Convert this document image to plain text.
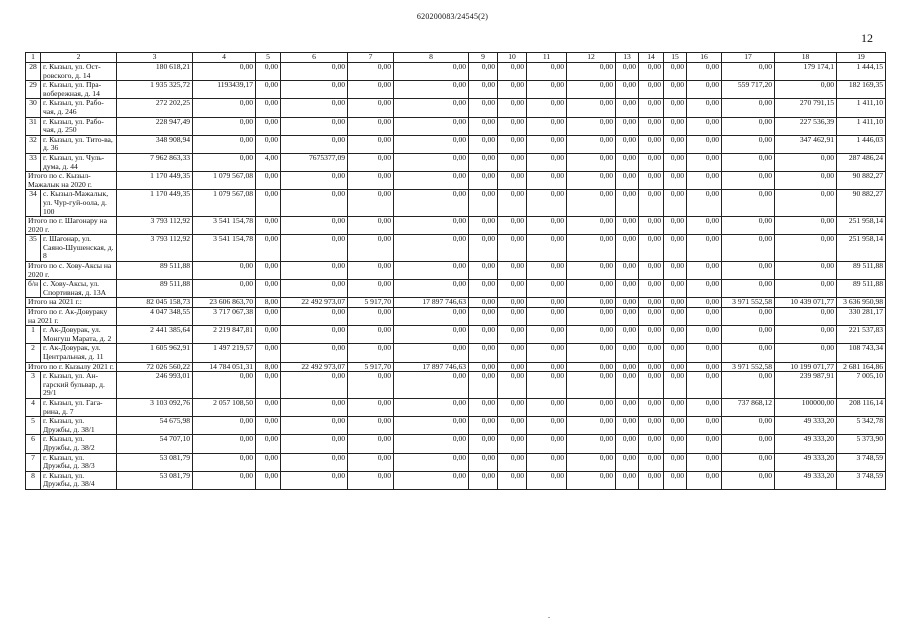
620200083/24545(2)
12
1	2	3	4	5	6	7	8	9	10	11	12	13	14	15	16	17	18	19
28	г. Кызыл, ул. Ост-ровского, д. 14	180 618,21	0,00	0,00	0,00	0,00	0,00	0,00	0,00	0,00	0,00	0,00	0,00	0,00	0,00	0,00	179 174,1	1 444,15
29	г. Кызыл, ул. Пра-вобережная, д. 14	1 935 325,72	1193439,17	0,00	0,00	0,00	0,00	0,00	0,00	0,00	0,00	0,00	0,00	0,00	0,00	559 717,20	0,00	182 169,35
30	г. Кызыл, ул. Рабо-чая, д. 246	272 202,25	0,00	0,00	0,00	0,00	0,00	0,00	0,00	0,00	0,00	0,00	0,00	0,00	0,00	0,00	270 791,15	1 411,10
31	г. Кызыл, ул. Рабо-чая, д. 250	228 947,49	0,00	0,00	0,00	0,00	0,00	0,00	0,00	0,00	0,00	0,00	0,00	0,00	0,00	0,00	227 536,39	1 411,10
32	г. Кызыл, ул. Тито-ва, д. 36	348 908,94	0,00	0,00	0,00	0,00	0,00	0,00	0,00	0,00	0,00	0,00	0,00	0,00	0,00	0,00	347 462,91	1 446,03
33	г. Кызыл, ул. Чуль-дума, д. 44	7 962 863,33	0,00	4,00	7675377,09	0,00	0,00	0,00	0,00	0,00	0,00	0,00	0,00	0,00	0,00	0,00	0,00	287 486,24
Итого по с. Кызыл-Мажалык на 2020 г.		1 170 449,35	1 079 567,08	0,00	0,00	0,00	0,00	0,00	0,00	0,00	0,00	0,00	0,00	0,00	0,00	0,00	0,00	90 882,27
34	с. Кызыл-Мажалык, ул. Чур-гуй-оола, д. 100	1 170 449,35	1 079 567,08	0,00	0,00	0,00	0,00	0,00	0,00	0,00	0,00	0,00	0,00	0,00	0,00	0,00	0,00	90 882,27
Итого по г. Шагонару на 2020 г.		3 793 112,92	3 541 154,78	0,00	0,00	0,00	0,00	0,00	0,00	0,00	0,00	0,00	0,00	0,00	0,00	0,00	0,00	251 958,14
35	г. Шагонар, ул. Саяно-Шушенская, д. 8	3 793 112,92	3 541 154,78	0,00	0,00	0,00	0,00	0,00	0,00	0,00	0,00	0,00	0,00	0,00	0,00	0,00	0,00	251 958,14
Итого по с. Хову-Аксы на 2020 г.		89 511,88	0,00	0,00	0,00	0,00	0,00	0,00	0,00	0,00	0,00	0,00	0,00	0,00	0,00	0,00	0,00	89 511,88
б/н	с. Хову-Аксы, ул. Спортивная, д. 13А	89 511,88	0,00	0,00	0,00	0,00	0,00	0,00	0,00	0,00	0,00	0,00	0,00	0,00	0,00	0,00	0,00	89 511,88
Итого на 2021 г.:		82 045 158,73	23 606 863,70	8,00	22 492 973,07	5 917,70	17 897 746,63	0,00	0,00	0,00	0,00	0,00	0,00	0,00	0,00	3 971 552,58	10 439 071,77	3 636 950,98
Итого по г. Ак-Довураку на 2021 г.		4 047 348,55	3 717 067,38	0,00	0,00	0,00	0,00	0,00	0,00	0,00	0,00	0,00	0,00	0,00	0,00	0,00	0,00	330 281,17
1	г. Ак-Довурак, ул. Монгуш Марата, д. 2	2 441 385,64	2 219 847,81	0,00	0,00	0,00	0,00	0,00	0,00	0,00	0,00	0,00	0,00	0,00	0,00	0,00	0,00	221 537,83
2	г. Ак-Довурак, ул. Центральная, д. 11	1 605 962,91	1 497 219,57	0,00	0,00	0,00	0,00	0,00	0,00	0,00	0,00	0,00	0,00	0,00	0,00	0,00	0,00	108 743,34
Итого по г. Кызылу 2021 г.		72 026 560,22	14 784 051,31	8,00	22 492 973,07	5 917,70	17 897 746,63	0,00	0,00	0,00	0,00	0,00	0,00	0,00	0,00	3 971 552,58	10 199 071,77	2 681 164,86
3	г. Кызыл, ул. Ан-гарский бульвар, д. 29/1	246 993,01	0,00	0,00	0,00	0,00	0,00	0,00	0,00	0,00	0,00	0,00	0,00	0,00	0,00	0,00	239 987,91	7 005,10
4	г. Кызыл, ул. Гага-рина, д. 7	3 103 092,76	2 057 108,50	0,00	0,00	0,00	0,00	0,00	0,00	0,00	0,00	0,00	0,00	0,00	0,00	737 868,12	100000,00	208 116,14
5	г. Кызыл, ул. Дружбы, д. 38/1	54 675,98	0,00	0,00	0,00	0,00	0,00	0,00	0,00	0,00	0,00	0,00	0,00	0,00	0,00	0,00	49 333,20	5 342,78
6	г. Кызыл, ул. Дружбы, д. 38/2	54 707,10	0,00	0,00	0,00	0,00	0,00	0,00	0,00	0,00	0,00	0,00	0,00	0,00	0,00	0,00	49 333,20	5 373,90
7	г. Кызыл, ул. Дружбы, д. 38/3	53 081,79	0,00	0,00	0,00	0,00	0,00	0,00	0,00	0,00	0,00	0,00	0,00	0,00	0,00	0,00	49 333,20	3 748,59
8	г. Кызыл, ул. Дружбы, д. 38/4	53 081,79	0,00	0,00	0,00	0,00	0,00	0,00	0,00	0,00	0,00	0,00	0,00	0,00	0,00	0,00	49 333,20	3 748,59
.
